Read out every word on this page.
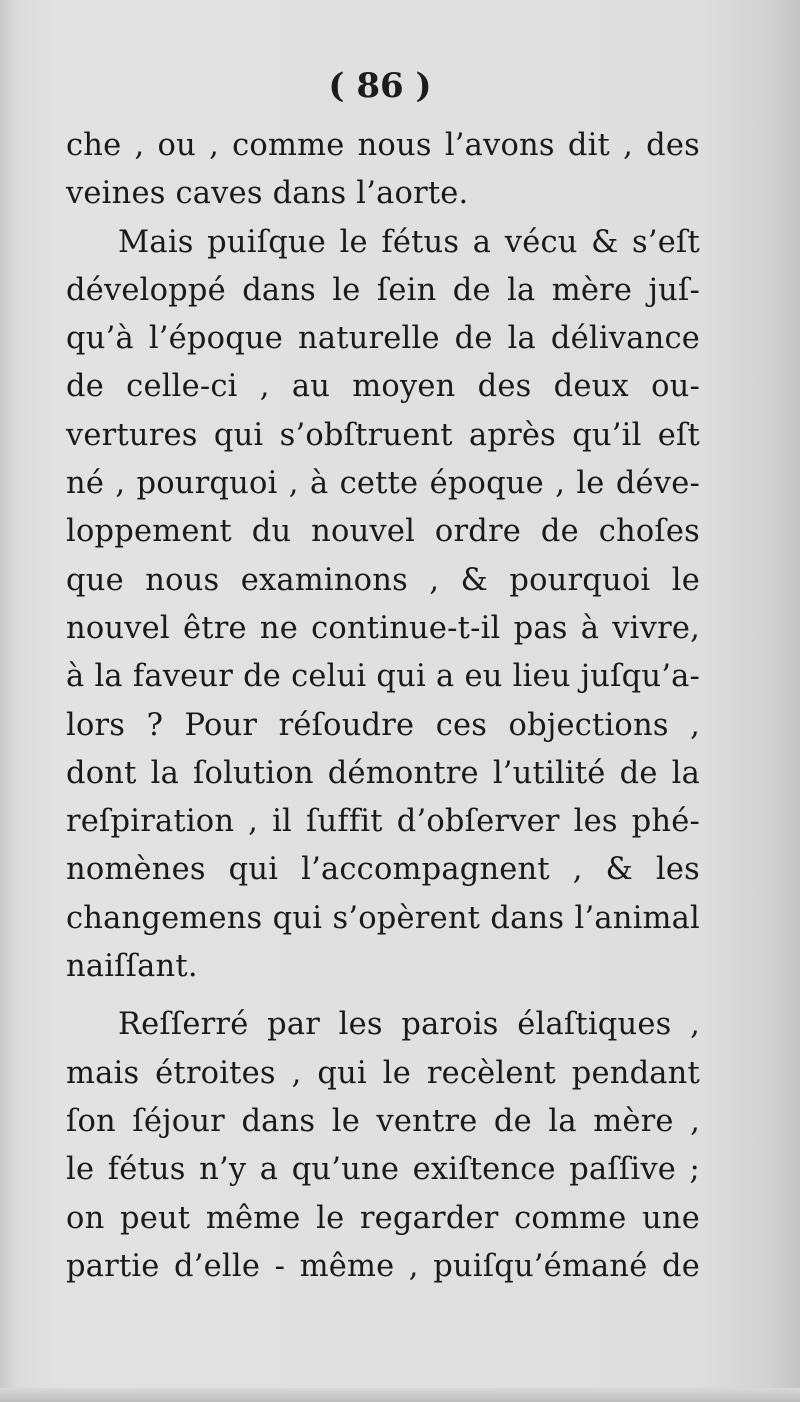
( 86 )
che , ou , comme nous l’avons dit , des
veines caves dans l’aorte.
Mais puiſque le fétus a vécu & s’eſt
développé dans le ſein de la mère juſ-
qu’à l’époque naturelle de la délivance
de celle-ci , au moyen des deux ou-
vertures qui s’obſtruent après qu’il eſt
né , pourquoi , à cette époque , le déve-
loppement du nouvel ordre de choſes
que nous examinons , & pourquoi le
nouvel être ne continue-t-il pas à vivre,
à la faveur de celui qui a eu lieu juſqu’a-
lors ? Pour réſoudre ces objections ,
dont la ſolution démontre l’utilité de la
reſpiration , il ſuffit d’obſerver les phé-
nomènes qui l’accompagnent , & les
changemens qui s’opèrent dans l’animal
naiſſant.
Reſſerré par les parois élaſtiques ,
mais étroites , qui le recèlent pendant
ſon ſéjour dans le ventre de la mère ,
le fétus n’y a qu’une exiſtence paſſive ;
on peut même le regarder comme une
partie d’elle - même , puiſqu’émané de
